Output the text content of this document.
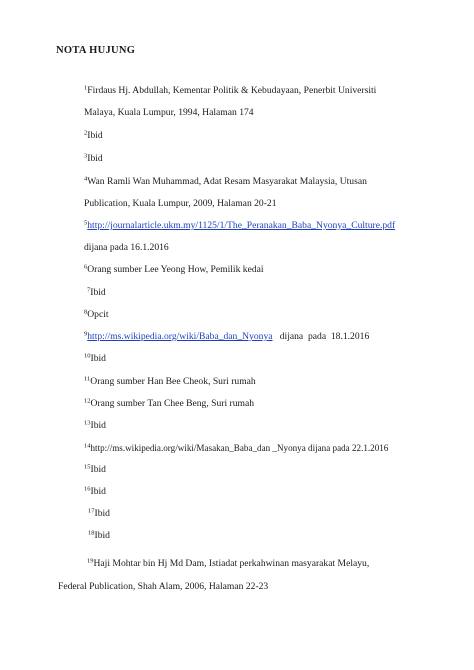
NOTA HUJUNG
$^1$Firdaus Hj. Abdullah, Kementar Politik & Kebudayaan, Penerbit Universiti
Malaya, Kuala Lumpur, 1994, Halaman 174
$^2$Ibid
$^3$Ibid
$^4$Wan Ramli Wan Muhammad, Adat Resam Masyarakat Malaysia, Utusan
Publication, Kuala Lumpur, 2009, Halaman 20-21
$^5$http://journalarticle.ukm.my/1125/1/The_Peranakan_Baba_Nyonya_Culture.pdf
dijana pada 16.1.2016
$^6$Orang sumber Lee Yeong How, Pemilik kedai
$^7$Ibid
$^8$Opcit
$^9$http://ms.wikipedia.org/wiki/Baba_dan_Nyonya   dijana  pada  18.1.2016
$^{10}$Ibid
$^{11}$Orang sumber Han Bee Cheok, Suri rumah
$^{12}$Orang sumber Tan Chee Beng, Suri rumah
$^{13}$Ibid
$^{14}$http://ms.wikipedia.org/wiki/Masakan_Baba_dan _Nyonya dijana pada 22.1.2016
$^{15}$Ibid
$^{16}$Ibid
$^{17}$Ibid
$^{18}$Ibid
$^{19}$Haji Mohtar bin Hj Md Dam, Istiadat perkahwinan masyarakat Melayu,
Federal Publication, Shah Alam, 2006, Halaman 22-23
